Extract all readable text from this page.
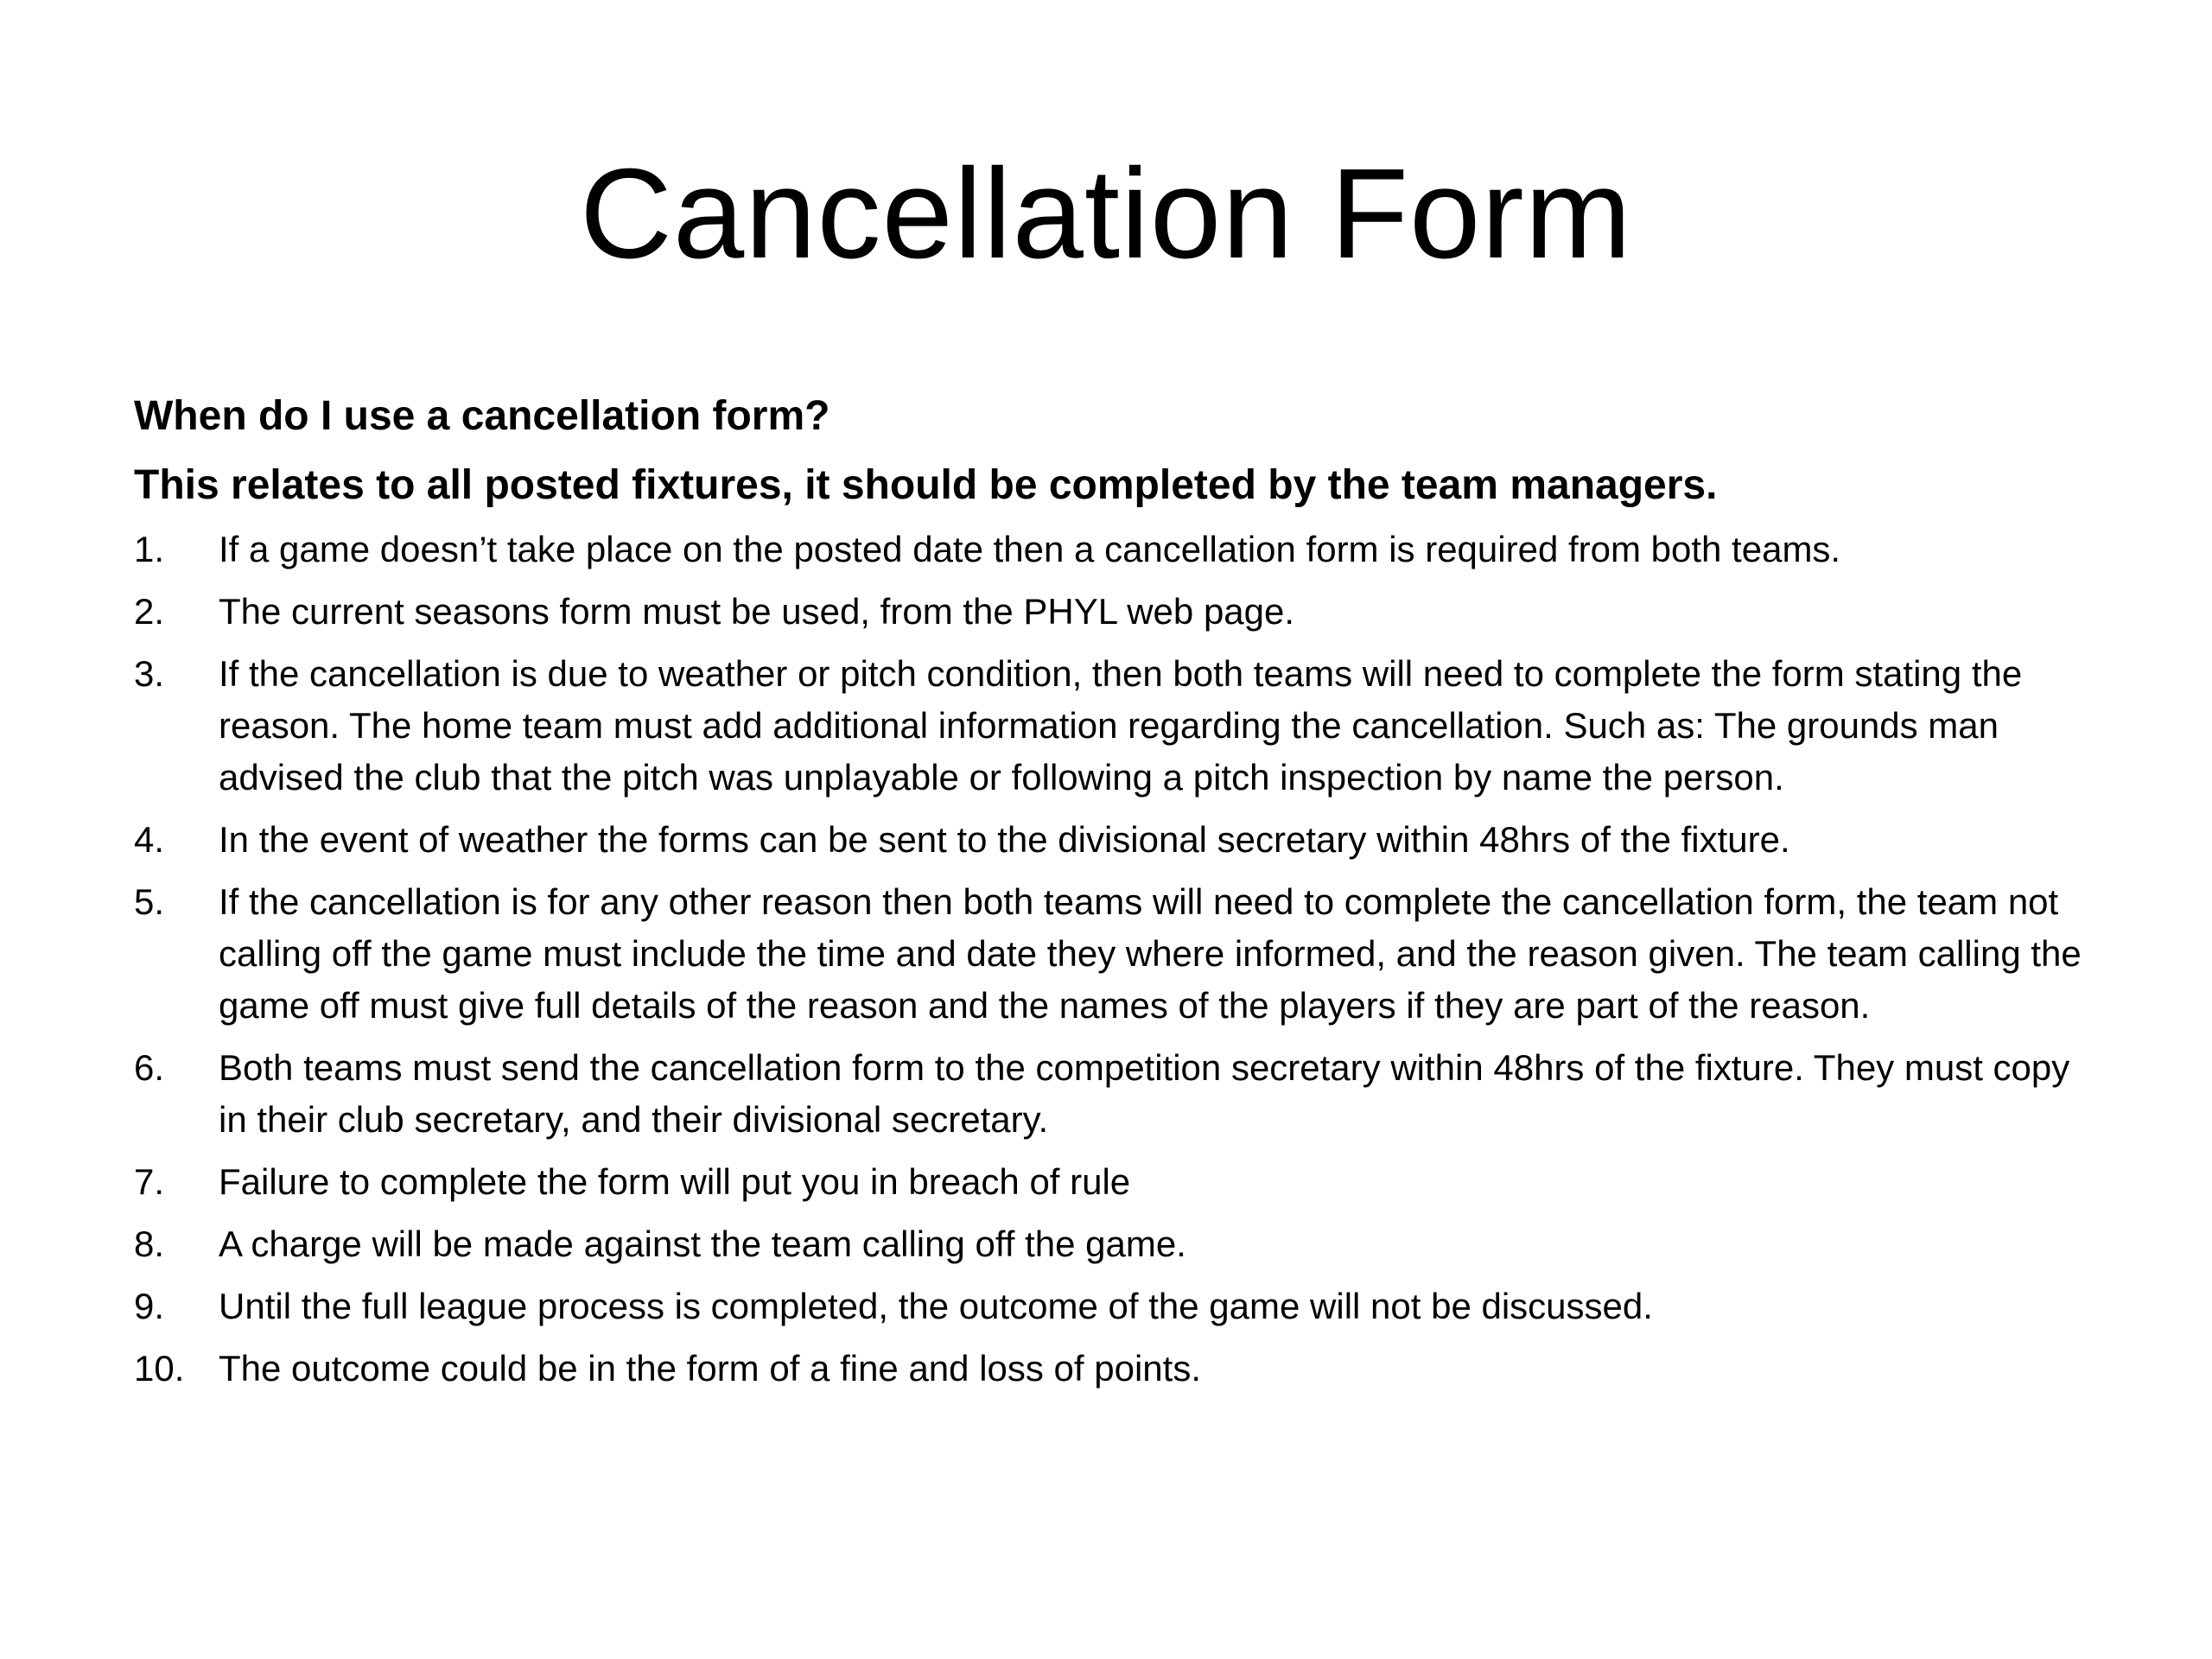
Cancellation Form

When do I use a cancellation form?

This relates to all posted fixtures, it should be completed by the team managers.

1.	If a game doesn’t take place on the posted date then a cancellation form is required from both teams.
2.	The current seasons form must be used, from the PHYL web page.
3.	If the cancellation is due to weather or pitch condition, then both teams will need to complete the form stating the reason. The home team must add additional information regarding the cancellation. Such as: The grounds man advised the club that the pitch was unplayable or following a pitch inspection by name the person.
4.	In the event of weather the forms can be sent to the divisional secretary within 48hrs of the fixture.
5.	If the cancellation is for any other reason then both teams will need to complete the cancellation form, the team not calling off the game must include the time and date they where informed, and the reason given. The team calling the game off must give full details of the reason and the names of the players if they are part of the reason.
6.	Both teams must send the cancellation form to the competition secretary within 48hrs of the fixture. They must copy in their club secretary, and their divisional secretary.
7.	Failure to complete the form will put you in breach of rule
8.	A charge will be made against the team calling off the game.
9.	Until the full league process is completed, the outcome of the game will not be discussed.
10. The outcome could be in the form of a fine and loss of points.
